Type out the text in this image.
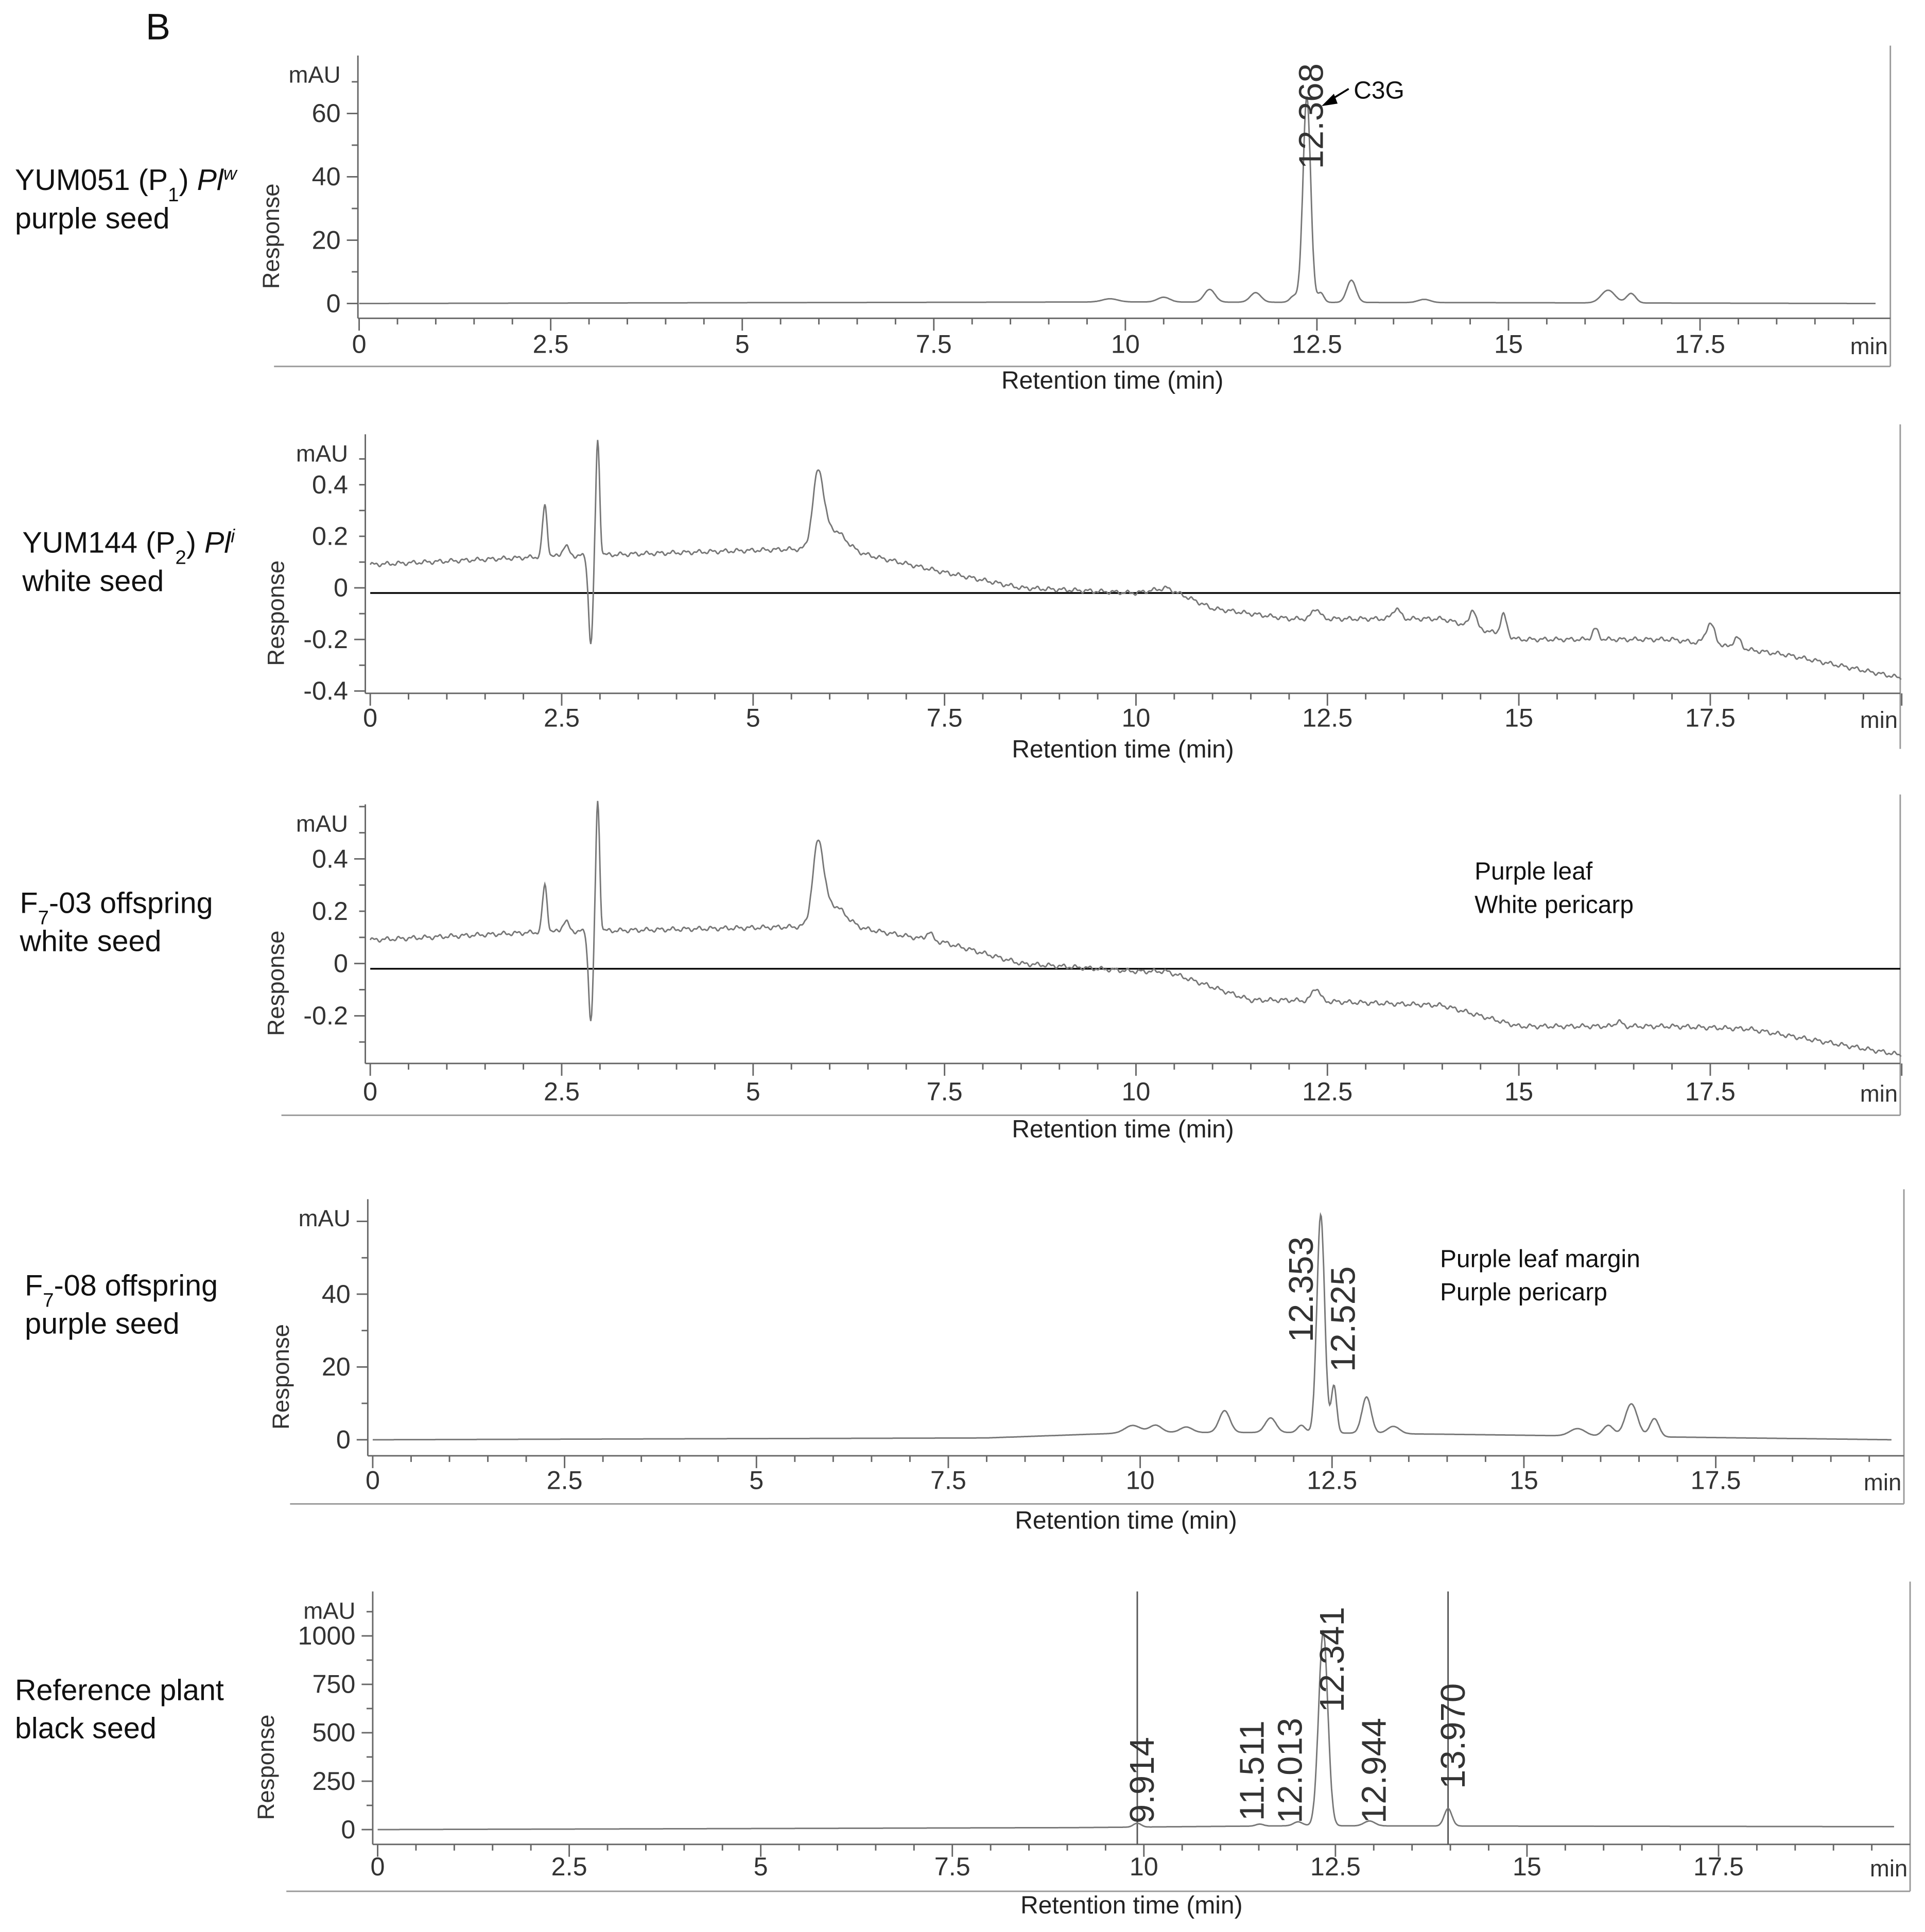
B
0	2.5	5	7.5	10	12.5	15	17.5	min
Retention time (min)
0
20
40
60
mAU
Response
YUM051 $(P_1)$ Pl$^w$
purple seed
12.368 C3G
0	2.5	5	7.5	10	12.5	15	17.5	min
Retention time (min)
-0.4
-0.2
0
0.2
0.4
mAU
Response
YUM144 $(P_2)$ Pl$^i$
white seed
0	2.5	5	7.5	10	12.5	15	17.5	min
Retention time (min)
-0.2
0
0.2
0.4
mAU
Response
$F_7-03$ offspring
white seed
Purple leaf
White pericarp
0	2.5	5	7.5	10	12.5	15	17.5	min
Retention time (min)
0
20
40
mAU
Response
$F_7-08$ offspring
purple seed	12.353 12.525
Purple leaf margin
Purple pericarp
0	2.5	5	7.5	10	12.5	15	17.5	min
Retention time (min)
0
250
500
750
1000
mAU
Response
Reference plant
black seed
9.914	11.511 12.013
12.341
12.944	13.970
